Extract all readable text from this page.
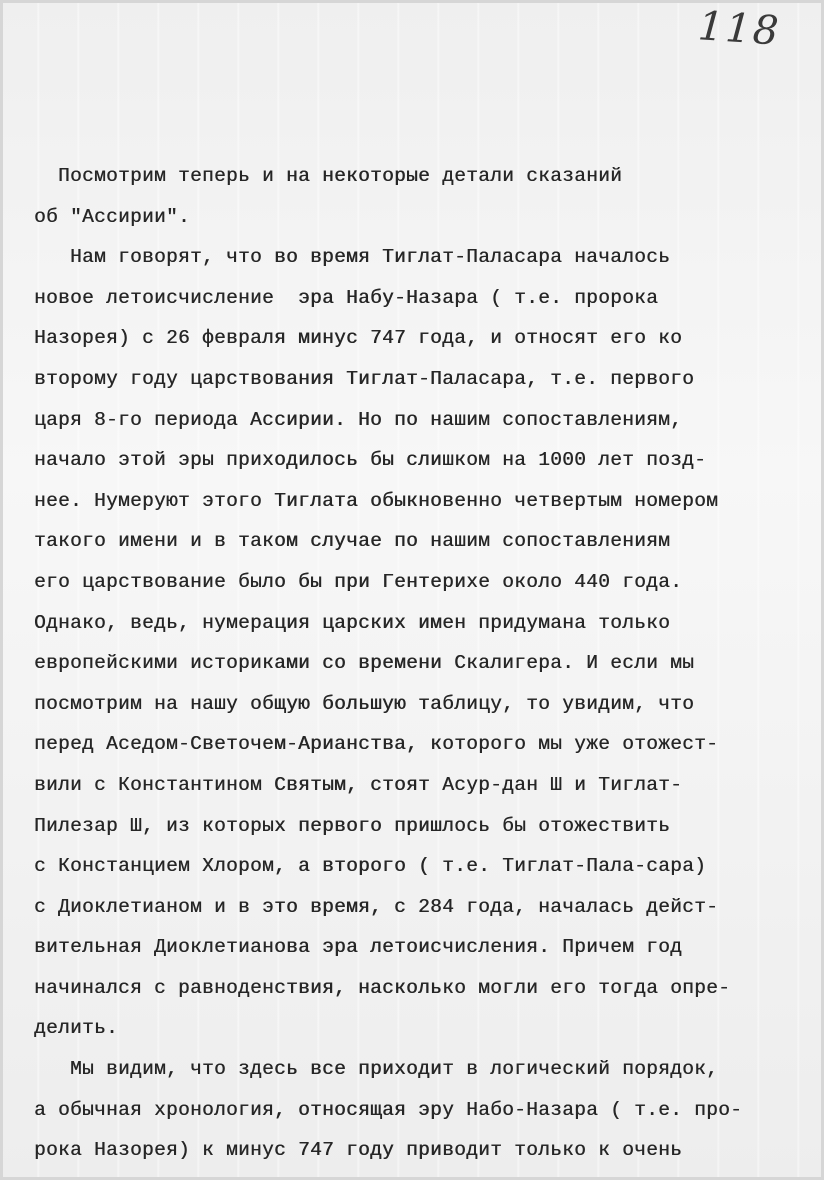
118
Посмотрим теперь и на некоторые детали сказаний
об "Ассирии".
Нам говорят, что во время Тиглат-Паласара началось
новое летоисчисление  эра Набу-Назара ( т.е. пророка
Назорея) с 26 февраля минус 747 года, и относят его ко
второму году царствования Тиглат-Паласара, т.е. первого
царя 8-го периода Ассирии. Но по нашим сопоставлениям,
начало этой эры приходилось бы слишком на 1000 лет позд-
нее. Нумеруют этого Тиглата обыкновенно четвертым номером
такого имени и в таком случае по нашим сопоставлениям
его царствование было бы при Гентерихе около 440 года.
Однако, ведь, нумерация царских имен придумана только
европейскими историками со времени Скалигера. И если мы
посмотрим на нашу общую большую таблицу, то увидим, что
перед Аседом-Светочем-Арианства, которого мы уже отожест-
вили с Константином Святым, стоят Асур-дан Ш и Тиглат-
Пилезар Ш, из которых первого пришлось бы отожествить
с Констанцием Хлором, а второго ( т.е. Тиглат-Пала-сара)
с Диоклетианом и в это время, с 284 года, началась дейст-
вительная Диоклетианова эра летоисчисления. Причем год
начинался с равноденствия, насколько могли его тогда опре-
делить.
Мы видим, что здесь все приходит в логический порядок,
а обычная хронология, относящая эру Набо-Назара ( т.е. про-
рока Назорея) к минус 747 году приводит только к очень
